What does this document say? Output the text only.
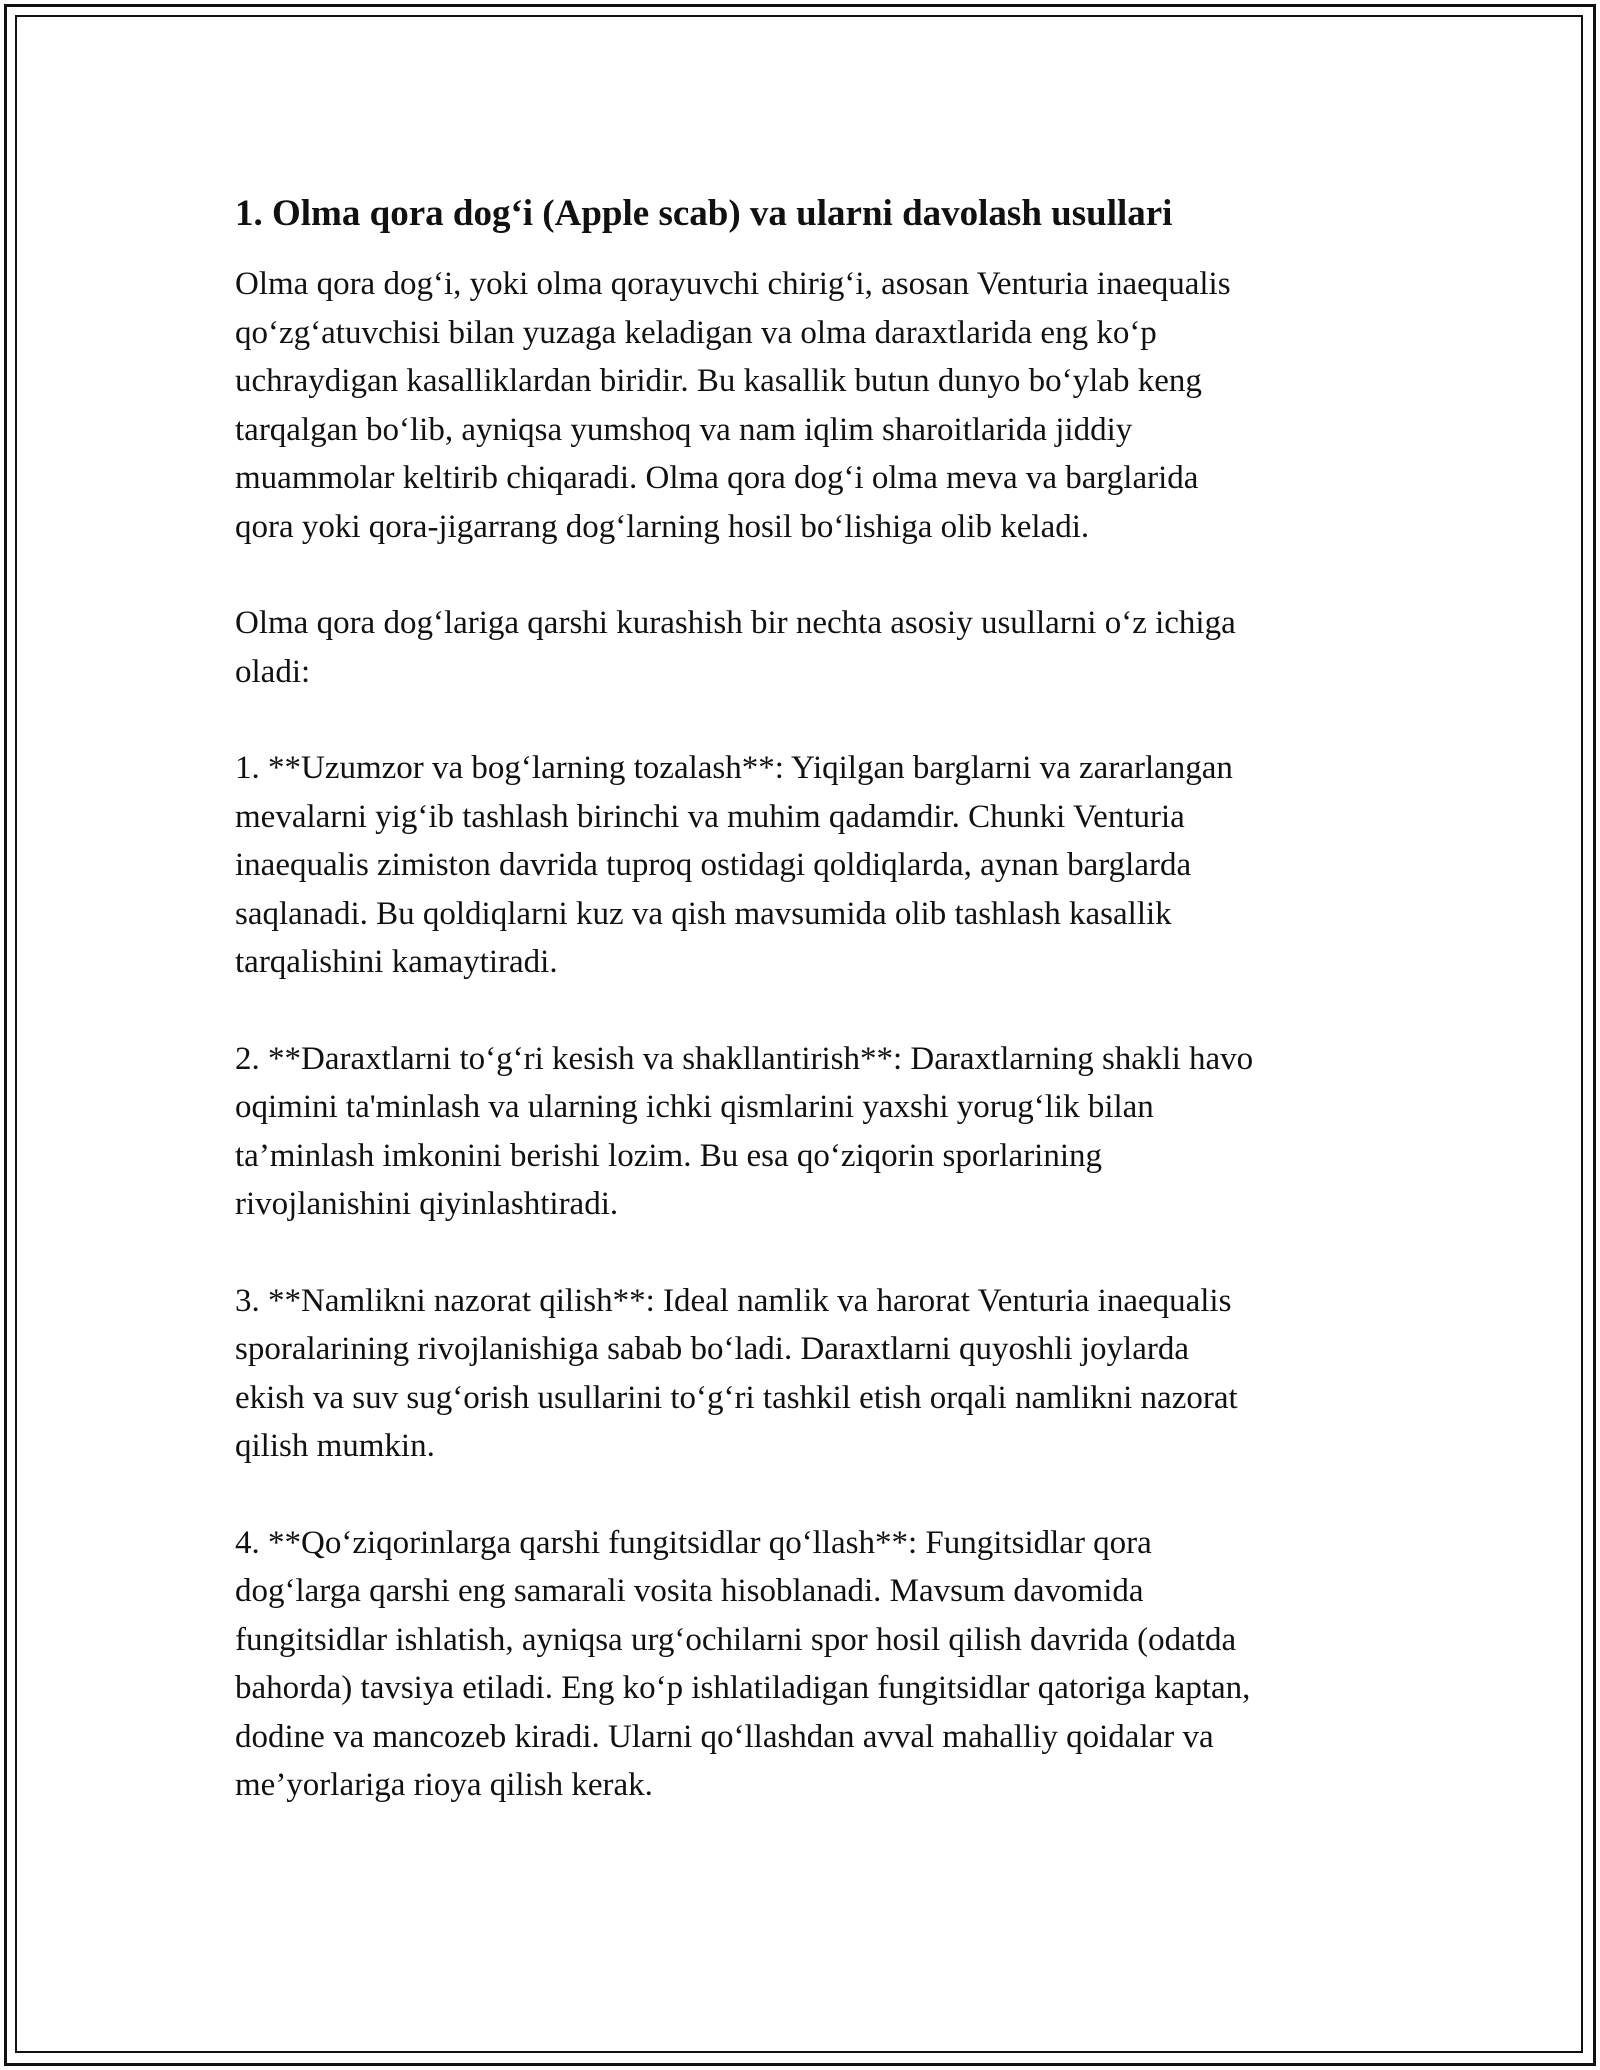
1. Olma qora dog‘i (Apple scab) va ularni davolash usullari

Olma qora dog‘i, yoki olma qorayuvchi chirig‘i, asosan Venturia inaequalis
qo‘zg‘atuvchisi bilan yuzaga keladigan va olma daraxtlarida eng ko‘p
uchraydigan kasalliklardan biridir. Bu kasallik butun dunyo bo‘ylab keng
tarqalgan bo‘lib, ayniqsa yumshoq va nam iqlim sharoitlarida jiddiy
muammolar keltirib chiqaradi. Olma qora dog‘i olma meva va barglarida
qora yoki qora-jigarrang dog‘larning hosil bo‘lishiga olib keladi.

Olma qora dog‘lariga qarshi kurashish bir nechta asosiy usullarni o‘z ichiga
oladi:

1. **Uzumzor va bog‘larning tozalash**: Yiqilgan barglarni va zararlangan
mevalarni yig‘ib tashlash birinchi va muhim qadamdir. Chunki Venturia
inaequalis zimiston davrida tuproq ostidagi qoldiqlarda, aynan barglarda
saqlanadi. Bu qoldiqlarni kuz va qish mavsumida olib tashlash kasallik
tarqalishini kamaytiradi.

2. **Daraxtlarni to‘g‘ri kesish va shakllantirish**: Daraxtlarning shakli havo
oqimini ta'minlash va ularning ichki qismlarini yaxshi yorug‘lik bilan
ta’minlash imkonini berishi lozim. Bu esa qo‘ziqorin sporlarining
rivojlanishini qiyinlashtiradi.

3. **Namlikni nazorat qilish**: Ideal namlik va harorat Venturia inaequalis
sporalarining rivojlanishiga sabab bo‘ladi. Daraxtlarni quyoshli joylarda
ekish va suv sug‘orish usullarini to‘g‘ri tashkil etish orqali namlikni nazorat
qilish mumkin.

4. **Qo‘ziqorinlarga qarshi fungitsidlar qo‘llash**: Fungitsidlar qora
dog‘larga qarshi eng samarali vosita hisoblanadi. Mavsum davomida
fungitsidlar ishlatish, ayniqsa urg‘ochilarni spor hosil qilish davrida (odatda
bahorda) tavsiya etiladi. Eng ko‘p ishlatiladigan fungitsidlar qatoriga kaptan,
dodine va mancozeb kiradi. Ularni qo‘llashdan avval mahalliy qoidalar va
me’yorlariga rioya qilish kerak.
